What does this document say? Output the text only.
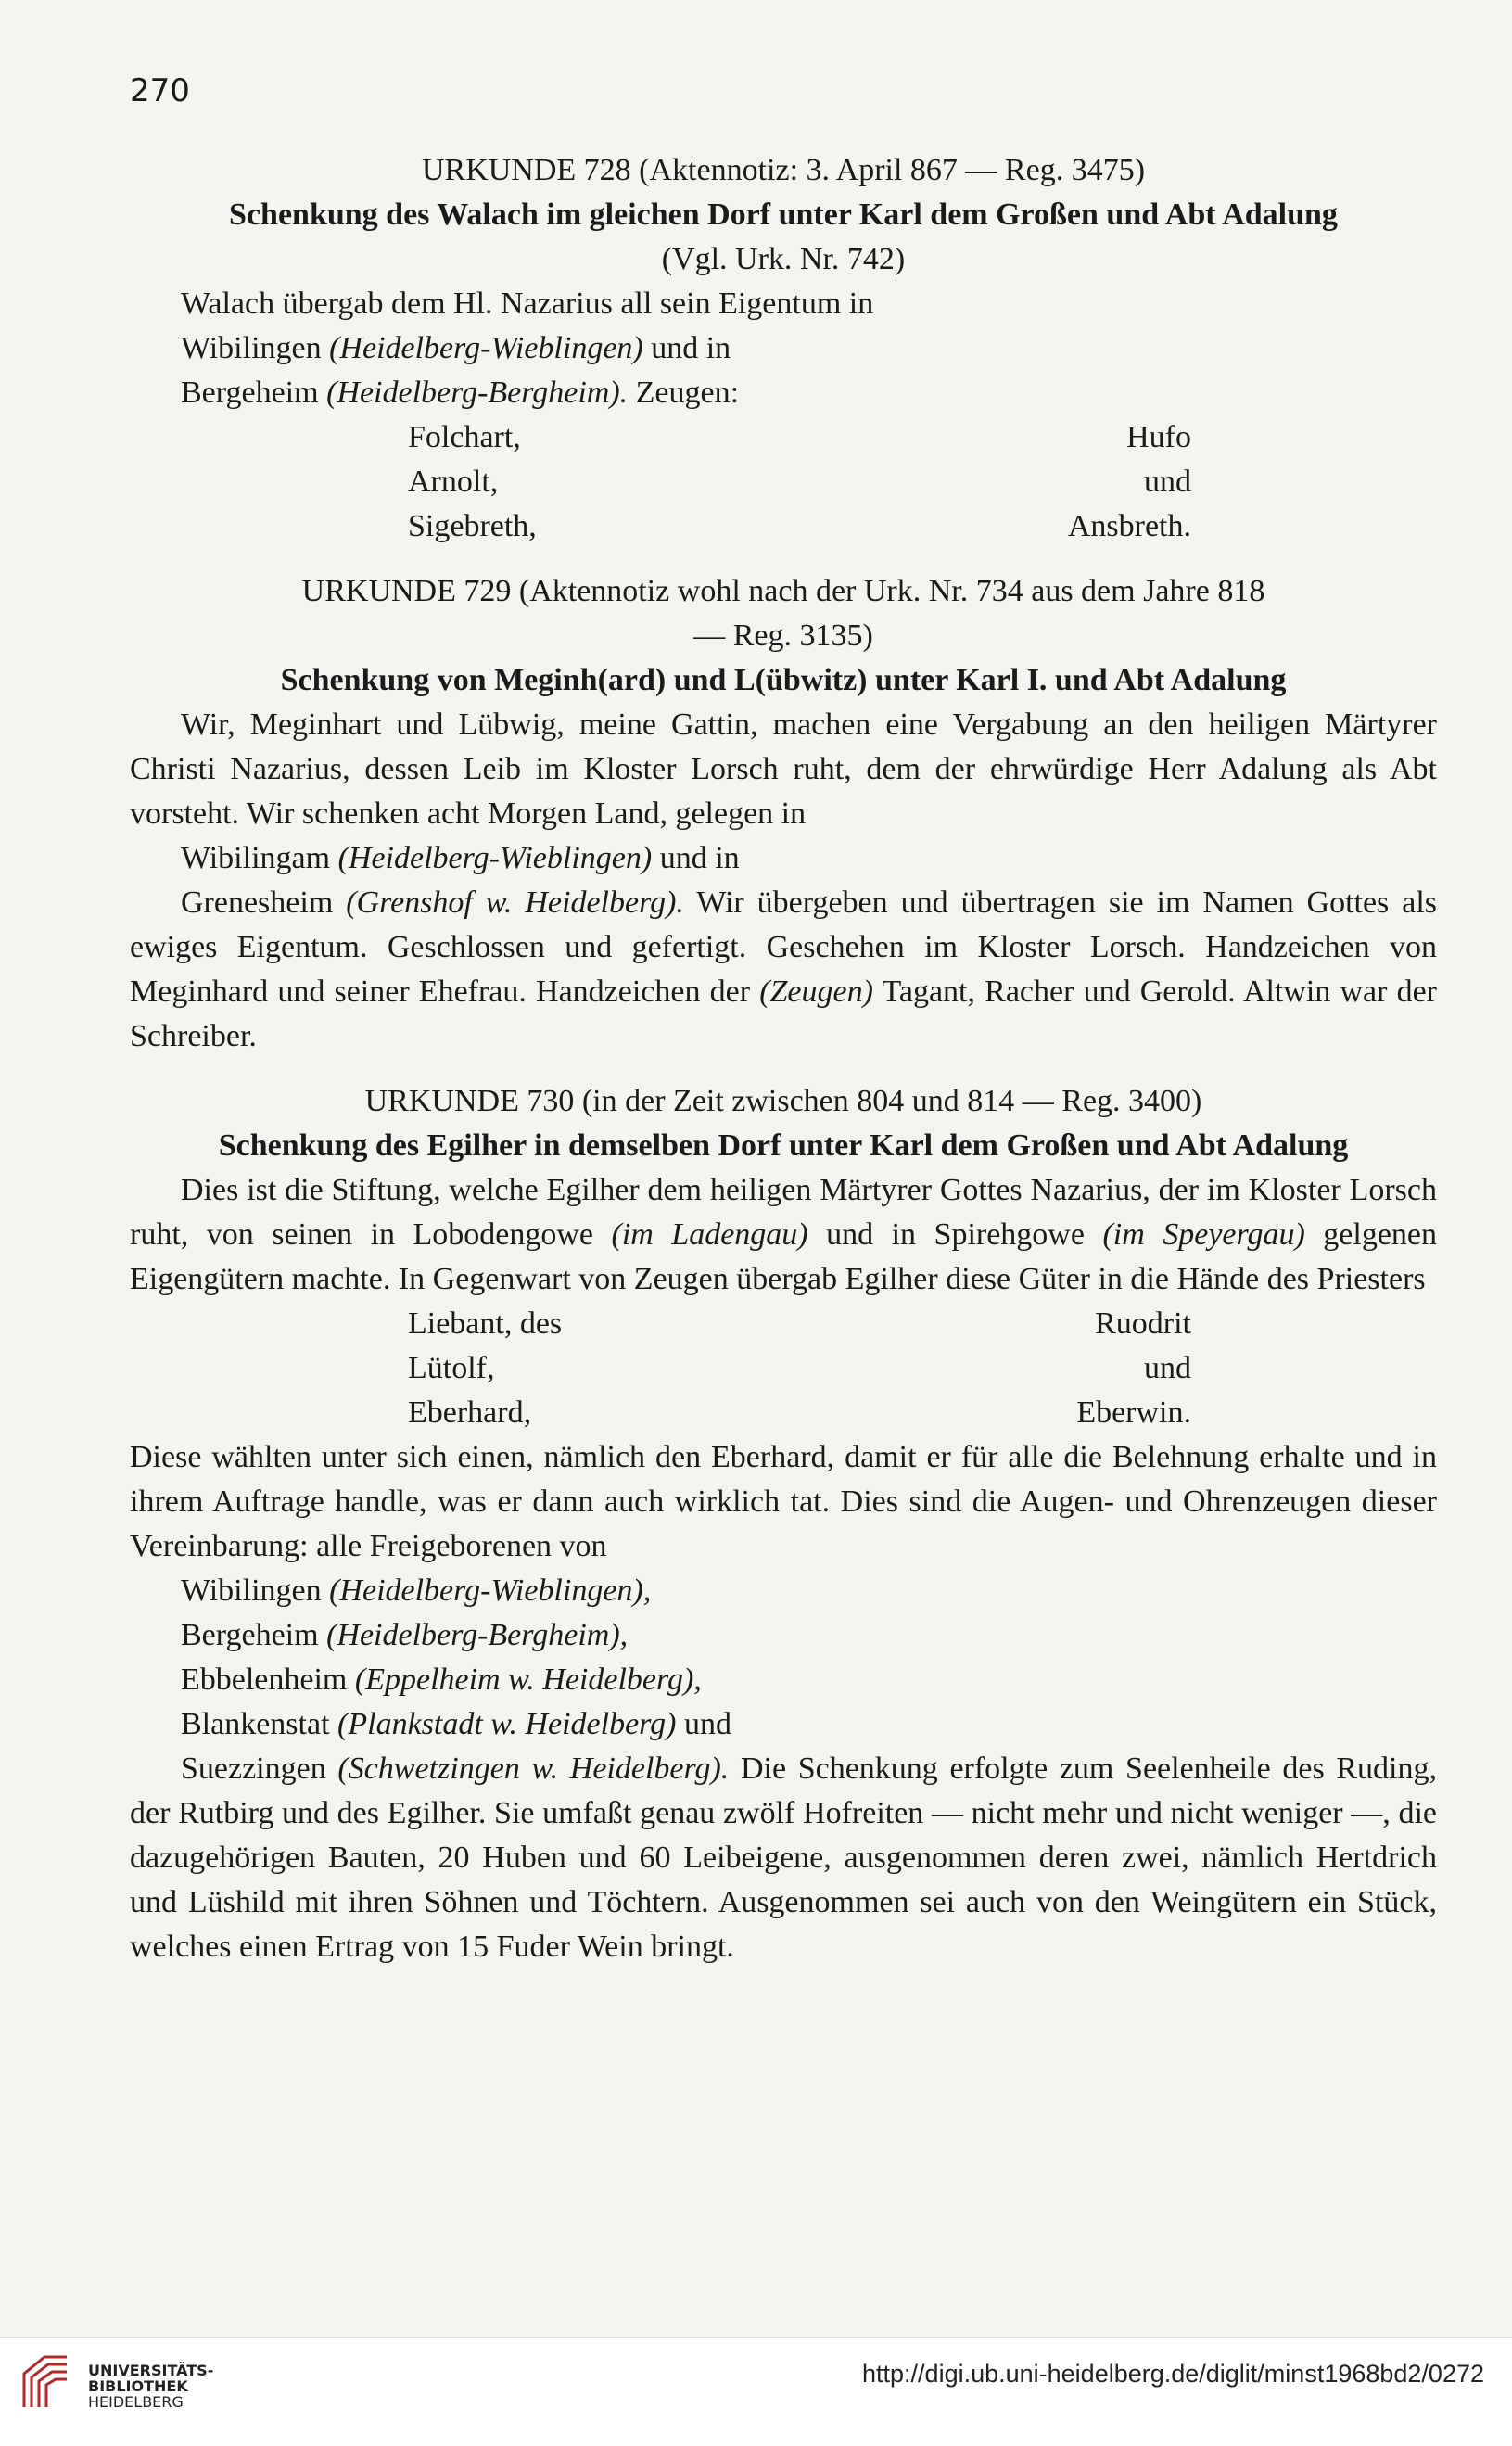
270
URKUNDE 728 (Aktennotiz: 3. April 867 — Reg. 3475)
Schenkung des Walach im gleichen Dorf unter Karl dem Großen und Abt Adalung
(Vgl. Urk. Nr. 742)
Walach übergab dem Hl. Nazarius all sein Eigentum in
Wibilingen (Heidelberg-Wieblingen) und in
Bergeheim (Heidelberg-Bergheim). Zeugen:
Folchart,	Hufo
Arnolt,	und
Sigebreth,	Ansbreth.
URKUNDE 729 (Aktennotiz wohl nach der Urk. Nr. 734 aus dem Jahre 818
— Reg. 3135)
Schenkung von Meginh(ard) und L(übwitz) unter Karl I. und Abt Adalung

Wir, Meginhart und Lübwig, meine Gattin, machen eine Vergabung an den heiligen Märtyrer Christi Nazarius, dessen Leib im Kloster Lorsch ruht, dem der ehrwürdige Herr Adalung als Abt vorsteht. Wir schenken acht Morgen Land, gelegen in

Wibilingam (Heidelberg-Wieblingen) und in

Grenesheim (Grenshof w. Heidelberg). Wir übergeben und übertragen sie im Namen Gottes als ewiges Eigentum. Geschlossen und gefertigt. Geschehen im Kloster Lorsch. Handzeichen von Meginhard und seiner Ehefrau. Handzeichen der (Zeugen) Tagant, Racher und Gerold. Altwin war der Schreiber.

URKUNDE 730 (in der Zeit zwischen 804 und 814 — Reg. 3400)
Schenkung des Egilher in demselben Dorf unter Karl dem Großen und Abt Adalung

Dies ist die Stiftung, welche Egilher dem heiligen Märtyrer Gottes Nazarius, der im Kloster Lorsch ruht, von seinen in Lobodengowe (im Ladengau) und in Spirehgowe (im Speyergau) gelgenen Eigengütern machte. In Gegenwart von Zeugen übergab Egilher diese Güter in die Hände des Priesters

Liebant, des	Ruodrit
Lütolf,	und
Eberhard,	Eberwin.

Diese wählten unter sich einen, nämlich den Eberhard, damit er für alle die Belehnung erhalte und in ihrem Auftrage handle, was er dann auch wirklich tat. Dies sind die Augen- und Ohrenzeugen dieser Vereinbarung: alle Freigeborenen von

Wibilingen (Heidelberg-Wieblingen),
Bergeheim (Heidelberg-Bergheim),
Ebbelenheim (Eppelheim w. Heidelberg),
Blankenstat (Plankstadt w. Heidelberg) und

Suezzingen (Schwetzingen w. Heidelberg). Die Schenkung erfolgte zum Seelenheile des Ruding, der Rutbirg und des Egilher. Sie umfaßt genau zwölf Hofreiten — nicht mehr und nicht weniger —, die dazugehörigen Bauten, 20 Huben und 60 Leibeigene, ausgenommen deren zwei, nämlich Hertdrich und Lüshild mit ihren Söhnen und Töchtern. Ausgenommen sei auch von den Weingütern ein Stück, welches einen Ertrag von 15 Fuder Wein bringt.

UNIVERSITÄTS-
BIBLIOTHEK
HEIDELBERG
http://digi.ub.uni-heidelberg.de/diglit/minst1968bd2/0272
